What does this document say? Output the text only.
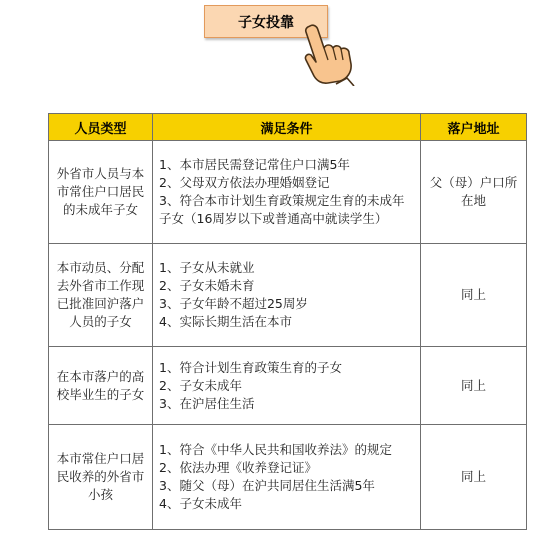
子女投靠
人员类型	满足条件	落户地址
外省市人员与本市常住户口居民的未成年子女	1、本市居民需登记常住户口满5年
2、父母双方依法办理婚姻登记
3、符合本市计划生育政策规定生育的未成年子女（16周岁以下或普通高中就读学生）	父（母）户口所在地
本市动员、分配去外省市工作现已批准回沪落户人员的子女	1、子女从未就业
2、子女未婚未育
3、子女年龄不超过25周岁
4、实际长期生活在本市	同上
在本市落户的高校毕业生的子女	1、符合计划生育政策生育的子女
2、子女未成年
3、在沪居住生活	同上
本市常住户口居民收养的外省市小孩	1、符合《中华人民共和国收养法》的规定
2、依法办理《收养登记证》
3、随父（母）在沪共同居住生活满5年
4、子女未成年	同上
